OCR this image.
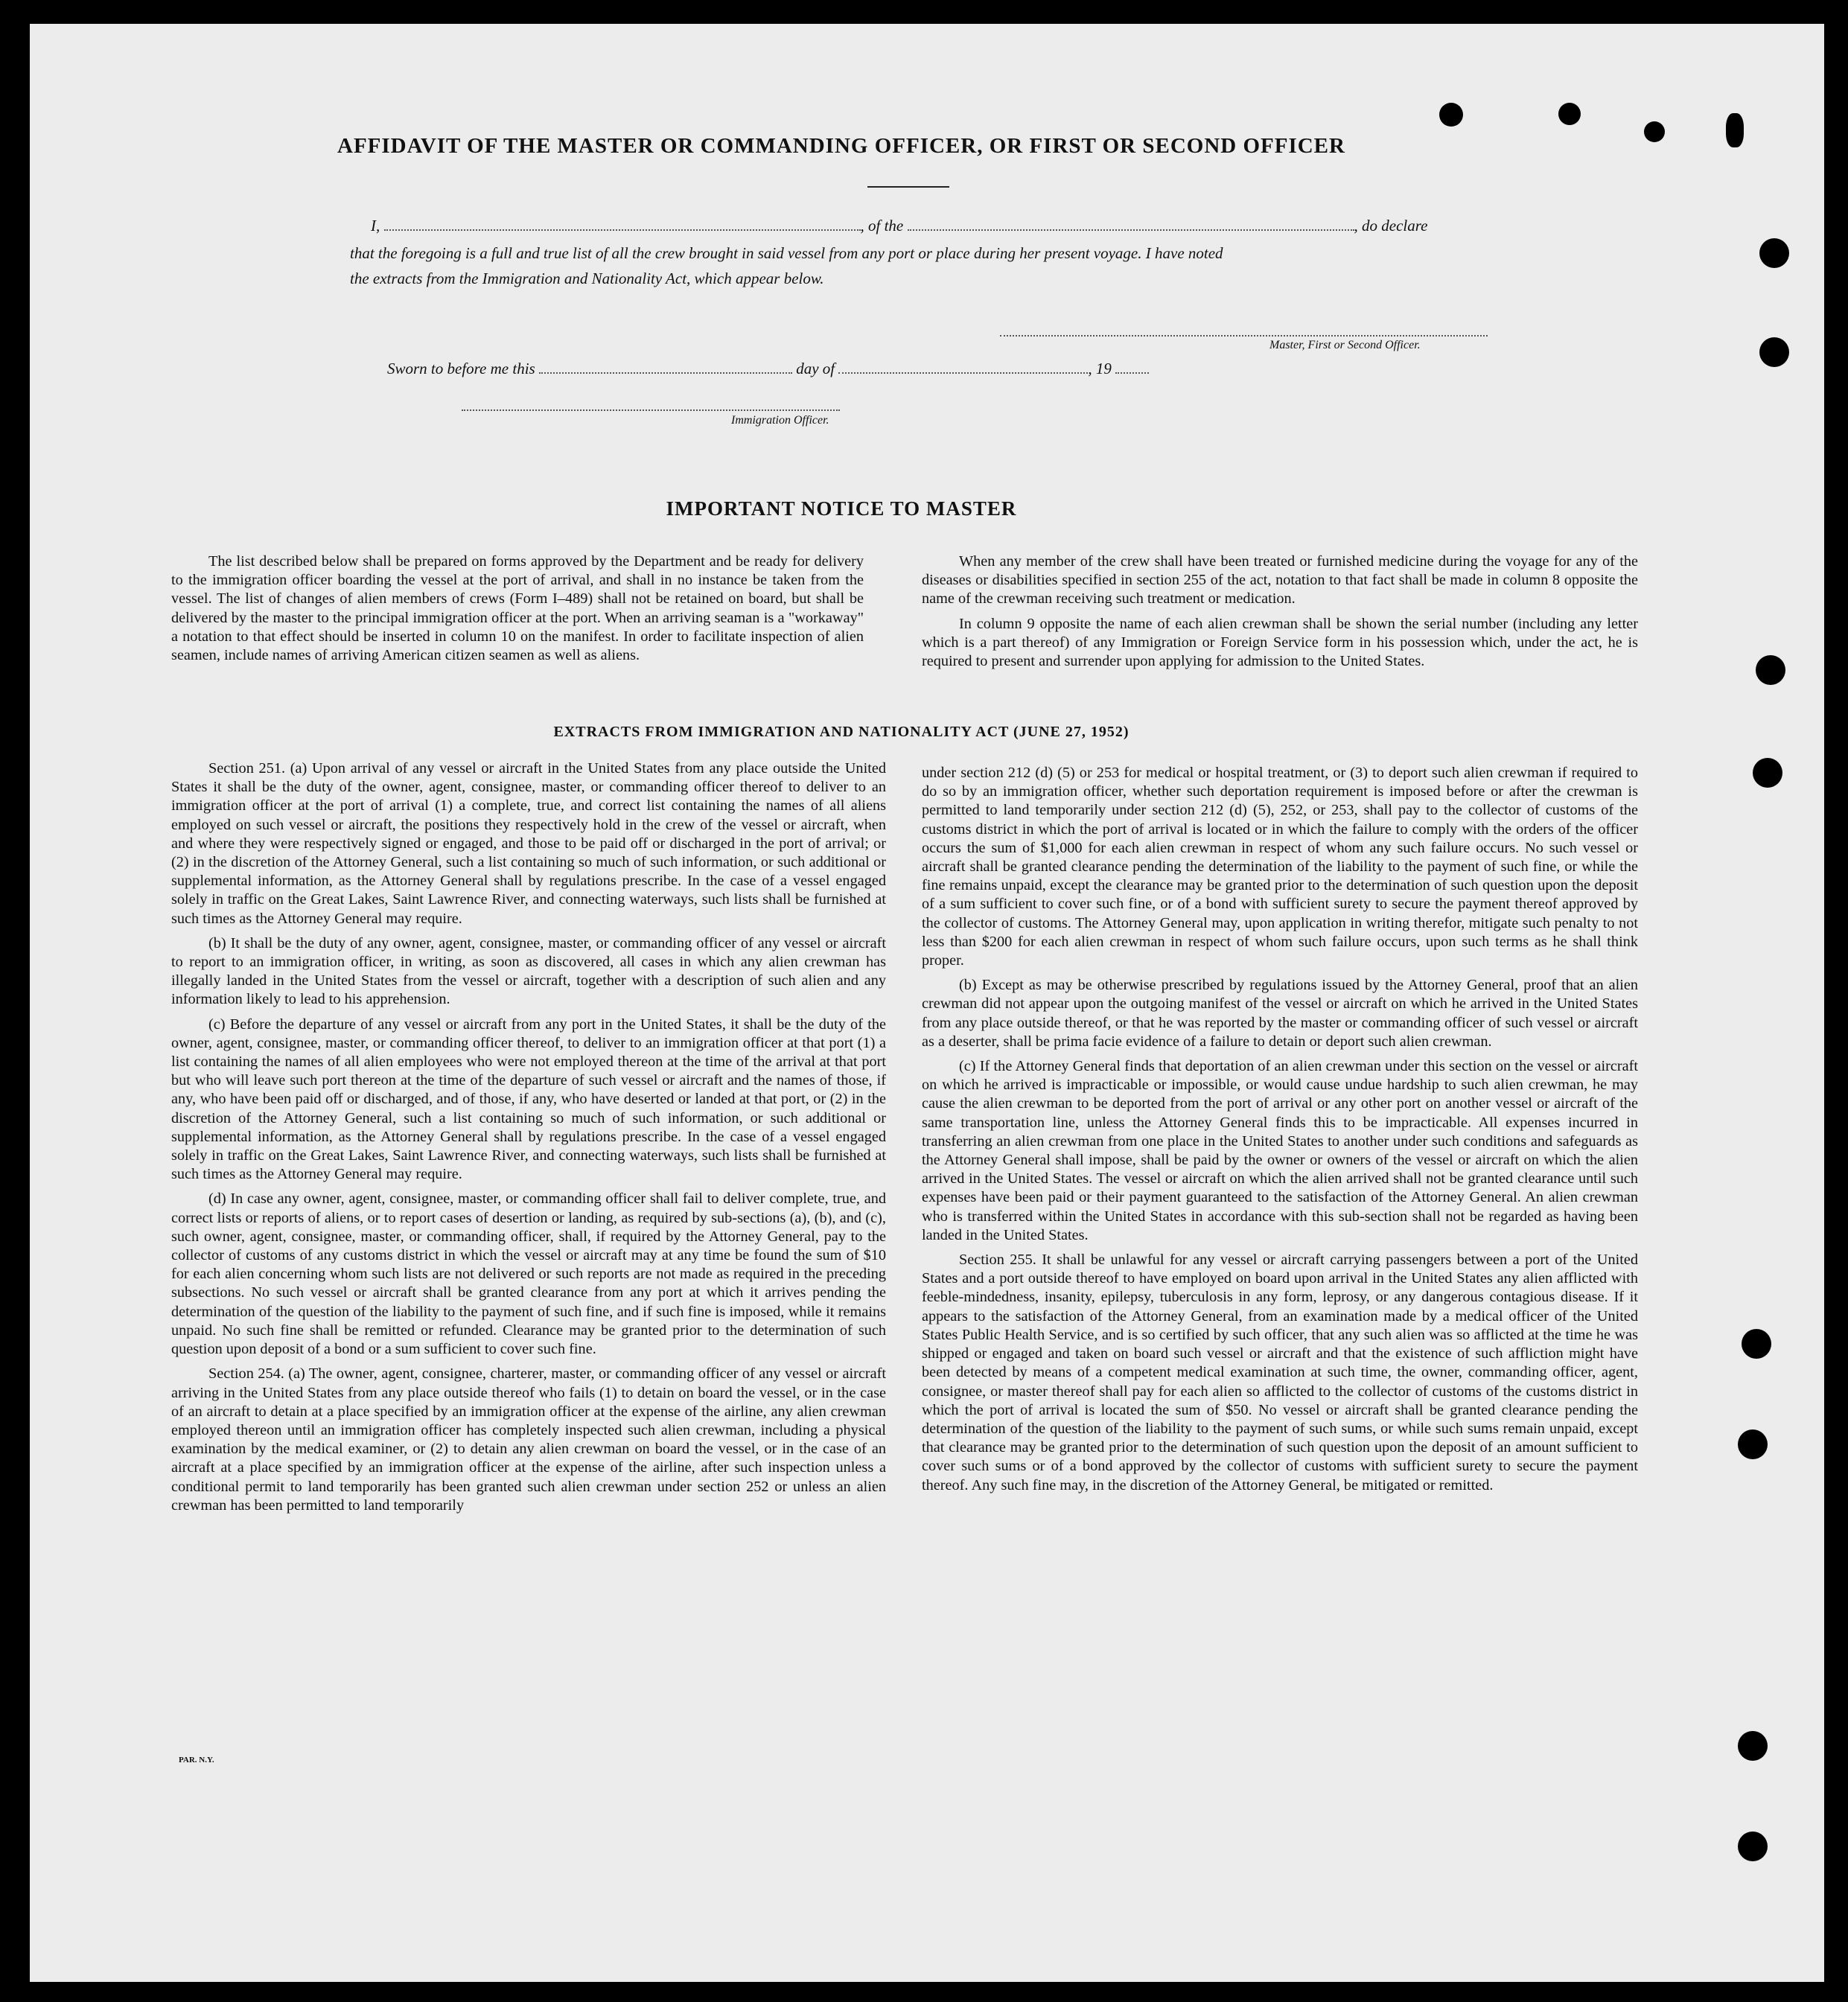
AFFIDAVIT OF THE MASTER OR COMMANDING OFFICER, OR FIRST OR SECOND OFFICER
I,	, of the	, do declare
that the foregoing is a full and true list of all the crew brought in said vessel from any port or place during her present voyage. I have noted
the extracts from the Immigration and Nationality Act, which appear below.
Master, First or Second Officer.
Sworn to before me this	day of	, 19
Immigration Officer.
IMPORTANT NOTICE TO MASTER

The list described below shall be prepared on forms approved by the Department and be ready for delivery to the immigration officer boarding the vessel at the port of arrival, and shall in no instance be taken from the vessel. The list of changes of alien members of crews (Form I–489) shall not be retained on board, but shall be delivered by the master to the principal immigration officer at the port. When an arriving seaman is a "workaway" a notation to that effect should be inserted in column 10 on the manifest. In order to facilitate inspection of alien seamen, include names of arriving American citizen seamen as well as aliens.

When any member of the crew shall have been treated or furnished medicine during the voyage for any of the diseases or disabilities specified in section 255 of the act, notation to that fact shall be made in column 8 opposite the name of the crewman receiving such treatment or medication.

In column 9 opposite the name of each alien crewman shall be shown the serial number (including any letter which is a part thereof) of any Immigration or Foreign Service form in his possession which, under the act, he is required to present and surrender upon applying for admission to the United States.

EXTRACTS FROM IMMIGRATION AND NATIONALITY ACT (JUNE 27, 1952)

Section 251. (a) Upon arrival of any vessel or aircraft in the United States from any place outside the United States it shall be the duty of the owner, agent, consignee, master, or commanding officer thereof to deliver to an immigration officer at the port of arrival (1) a complete, true, and correct list containing the names of all aliens employed on such vessel or aircraft, the positions they respectively hold in the crew of the vessel or aircraft, when and where they were respectively signed or engaged, and those to be paid off or discharged in the port of arrival; or (2) in the discretion of the Attorney General, such a list containing so much of such information, or such additional or supplemental information, as the Attorney General shall by regulations prescribe. In the case of a vessel engaged solely in traffic on the Great Lakes, Saint Lawrence River, and connecting waterways, such lists shall be furnished at such times as the Attorney General may require.

(b) It shall be the duty of any owner, agent, consignee, master, or commanding officer of any vessel or aircraft to report to an immigration officer, in writing, as soon as discovered, all cases in which any alien crewman has illegally landed in the United States from the vessel or aircraft, together with a description of such alien and any information likely to lead to his apprehension.

(c) Before the departure of any vessel or aircraft from any port in the United States, it shall be the duty of the owner, agent, consignee, master, or commanding officer thereof, to deliver to an immigration officer at that port (1) a list containing the names of all alien employees who were not employed thereon at the time of the arrival at that port but who will leave such port thereon at the time of the departure of such vessel or aircraft and the names of those, if any, who have been paid off or discharged, and of those, if any, who have deserted or landed at that port, or (2) in the discretion of the Attorney General, such a list containing so much of such information, or such additional or supplemental information, as the Attorney General shall by regulations prescribe. In the case of a vessel engaged solely in traffic on the Great Lakes, Saint Lawrence River, and connecting waterways, such lists shall be furnished at such times as the Attorney General may require.

(d) In case any owner, agent, consignee, master, or commanding officer shall fail to deliver complete, true, and correct lists or reports of aliens, or to report cases of desertion or landing, as required by sub-sections (a), (b), and (c), such owner, agent, consignee, master, or commanding officer, shall, if required by the Attorney General, pay to the collector of customs of any customs district in which the vessel or aircraft may at any time be found the sum of $10 for each alien concerning whom such lists are not delivered or such reports are not made as required in the preceding subsections. No such vessel or aircraft shall be granted clearance from any port at which it arrives pending the determination of the question of the liability to the payment of such fine, and if such fine is imposed, while it remains unpaid. No such fine shall be remitted or refunded. Clearance may be granted prior to the determination of such question upon deposit of a bond or a sum sufficient to cover such fine.

Section 254. (a) The owner, agent, consignee, charterer, master, or commanding officer of any vessel or aircraft arriving in the United States from any place outside thereof who fails (1) to detain on board the vessel, or in the case of an aircraft to detain at a place specified by an immigration officer at the expense of the airline, any alien crewman employed thereon until an immigration officer has completely inspected such alien crewman, including a physical examination by the medical examiner, or (2) to detain any alien crewman on board the vessel, or in the case of an aircraft at a place specified by an immigration officer at the expense of the airline, after such inspection unless a conditional permit to land temporarily has been granted such alien crewman under section 252 or unless an alien crewman has been permitted to land temporarily

under section 212 (d) (5) or 253 for medical or hospital treatment, or (3) to deport such alien crewman if required to do so by an immigration officer, whether such deportation requirement is imposed before or after the crewman is permitted to land temporarily under section 212 (d) (5), 252, or 253, shall pay to the collector of customs of the customs district in which the port of arrival is located or in which the failure to comply with the orders of the officer occurs the sum of $1,000 for each alien crewman in respect of whom any such failure occurs. No such vessel or aircraft shall be granted clearance pending the determination of the liability to the payment of such fine, or while the fine remains unpaid, except the clearance may be granted prior to the determination of such question upon the deposit of a sum sufficient to cover such fine, or of a bond with sufficient surety to secure the payment thereof approved by the collector of customs. The Attorney General may, upon application in writing therefor, mitigate such penalty to not less than $200 for each alien crewman in respect of whom such failure occurs, upon such terms as he shall think proper.

(b) Except as may be otherwise prescribed by regulations issued by the Attorney General, proof that an alien crewman did not appear upon the outgoing manifest of the vessel or aircraft on which he arrived in the United States from any place outside thereof, or that he was reported by the master or commanding officer of such vessel or aircraft as a deserter, shall be prima facie evidence of a failure to detain or deport such alien crewman.

(c) If the Attorney General finds that deportation of an alien crewman under this section on the vessel or aircraft on which he arrived is impracticable or impossible, or would cause undue hardship to such alien crewman, he may cause the alien crewman to be deported from the port of arrival or any other port on another vessel or aircraft of the same transportation line, unless the Attorney General finds this to be impracticable. All expenses incurred in transferring an alien crewman from one place in the United States to another under such conditions and safeguards as the Attorney General shall impose, shall be paid by the owner or owners of the vessel or aircraft on which the alien arrived in the United States. The vessel or aircraft on which the alien arrived shall not be granted clearance until such expenses have been paid or their payment guaranteed to the satisfaction of the Attorney General. An alien crewman who is transferred within the United States in accordance with this sub-section shall not be regarded as having been landed in the United States.

Section 255. It shall be unlawful for any vessel or aircraft carrying passengers between a port of the United States and a port outside thereof to have employed on board upon arrival in the United States any alien afflicted with feeble-mindedness, insanity, epilepsy, tuberculosis in any form, leprosy, or any dangerous contagious disease. If it appears to the satisfaction of the Attorney General, from an examination made by a medical officer of the United States Public Health Service, and is so certified by such officer, that any such alien was so afflicted at the time he was shipped or engaged and taken on board such vessel or aircraft and that the existence of such affliction might have been detected by means of a competent medical examination at such time, the owner, commanding officer, agent, consignee, or master thereof shall pay for each alien so afflicted to the collector of customs of the customs district in which the port of arrival is located the sum of $50. No vessel or aircraft shall be granted clearance pending the determination of the question of the liability to the payment of such sums, or while such sums remain unpaid, except that clearance may be granted prior to the determination of such question upon the deposit of an amount sufficient to cover such sums or of a bond approved by the collector of customs with sufficient surety to secure the payment thereof. Any such fine may, in the discretion of the Attorney General, be mitigated or remitted.

PAR. N.Y.
